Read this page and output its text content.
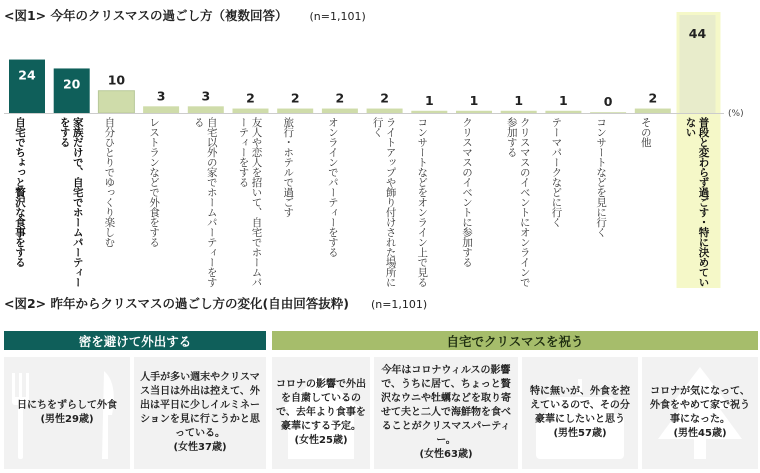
<図1> 今年のクリスマスの過ごし方（複数回答） (n=1,101)
24
20 10
3	3	2	2	2	2	1	1	1	1	0	2
44
自宅でちょっと贅沢な食事をする	家族だけで、自宅でホームパーティーをする	自分ひとりでゆっくり楽しむ	レストランなどで外食をする	自宅以外の家でホームパーティーをする	友人や恋人を招いて、自宅でホームパーティーをする	旅行・ホテルで過ごす	オンラインでパーティーをする	ライトアップや飾り付けされた場所に行く	コンサートなどをオンライン上で見る	クリスマスのイベントに参加する	クリスマスのイベントにオンラインで参加する	テーマパークなどに行く	コンサートなどを見に行く	その他	普段と変わらず過ごす・特に決めていない
(%)
<図2> 昨年からクリスマスの過ごし方の変化(自由回答抜粋) (n=1,101)
密を避けて外出する	自宅でクリスマスを祝う
日にちをずらして外食
(男性29歳)
人手が多い週末やクリスマス当日は外出は控えて、外出は平日に少しイルミネーションを見に行こうかと思っている。
(女性37歳)
コロナの影響で外出を自粛しているので、去年より食事を豪華にする予定。
(女性25歳)
今年はコロナウィルスの影響で、うちに居て、ちょっと贅沢なウニや牡蠣などを取り寄せて夫と二人で海鮮物を食べることがクリスマスパーティー。
(女性63歳)
特に無いが、外食を控えているので、その分豪華にしたいと思う
(男性57歳)
コロナが気になって、外食をやめて家で祝う事になった。
(男性45歳)
